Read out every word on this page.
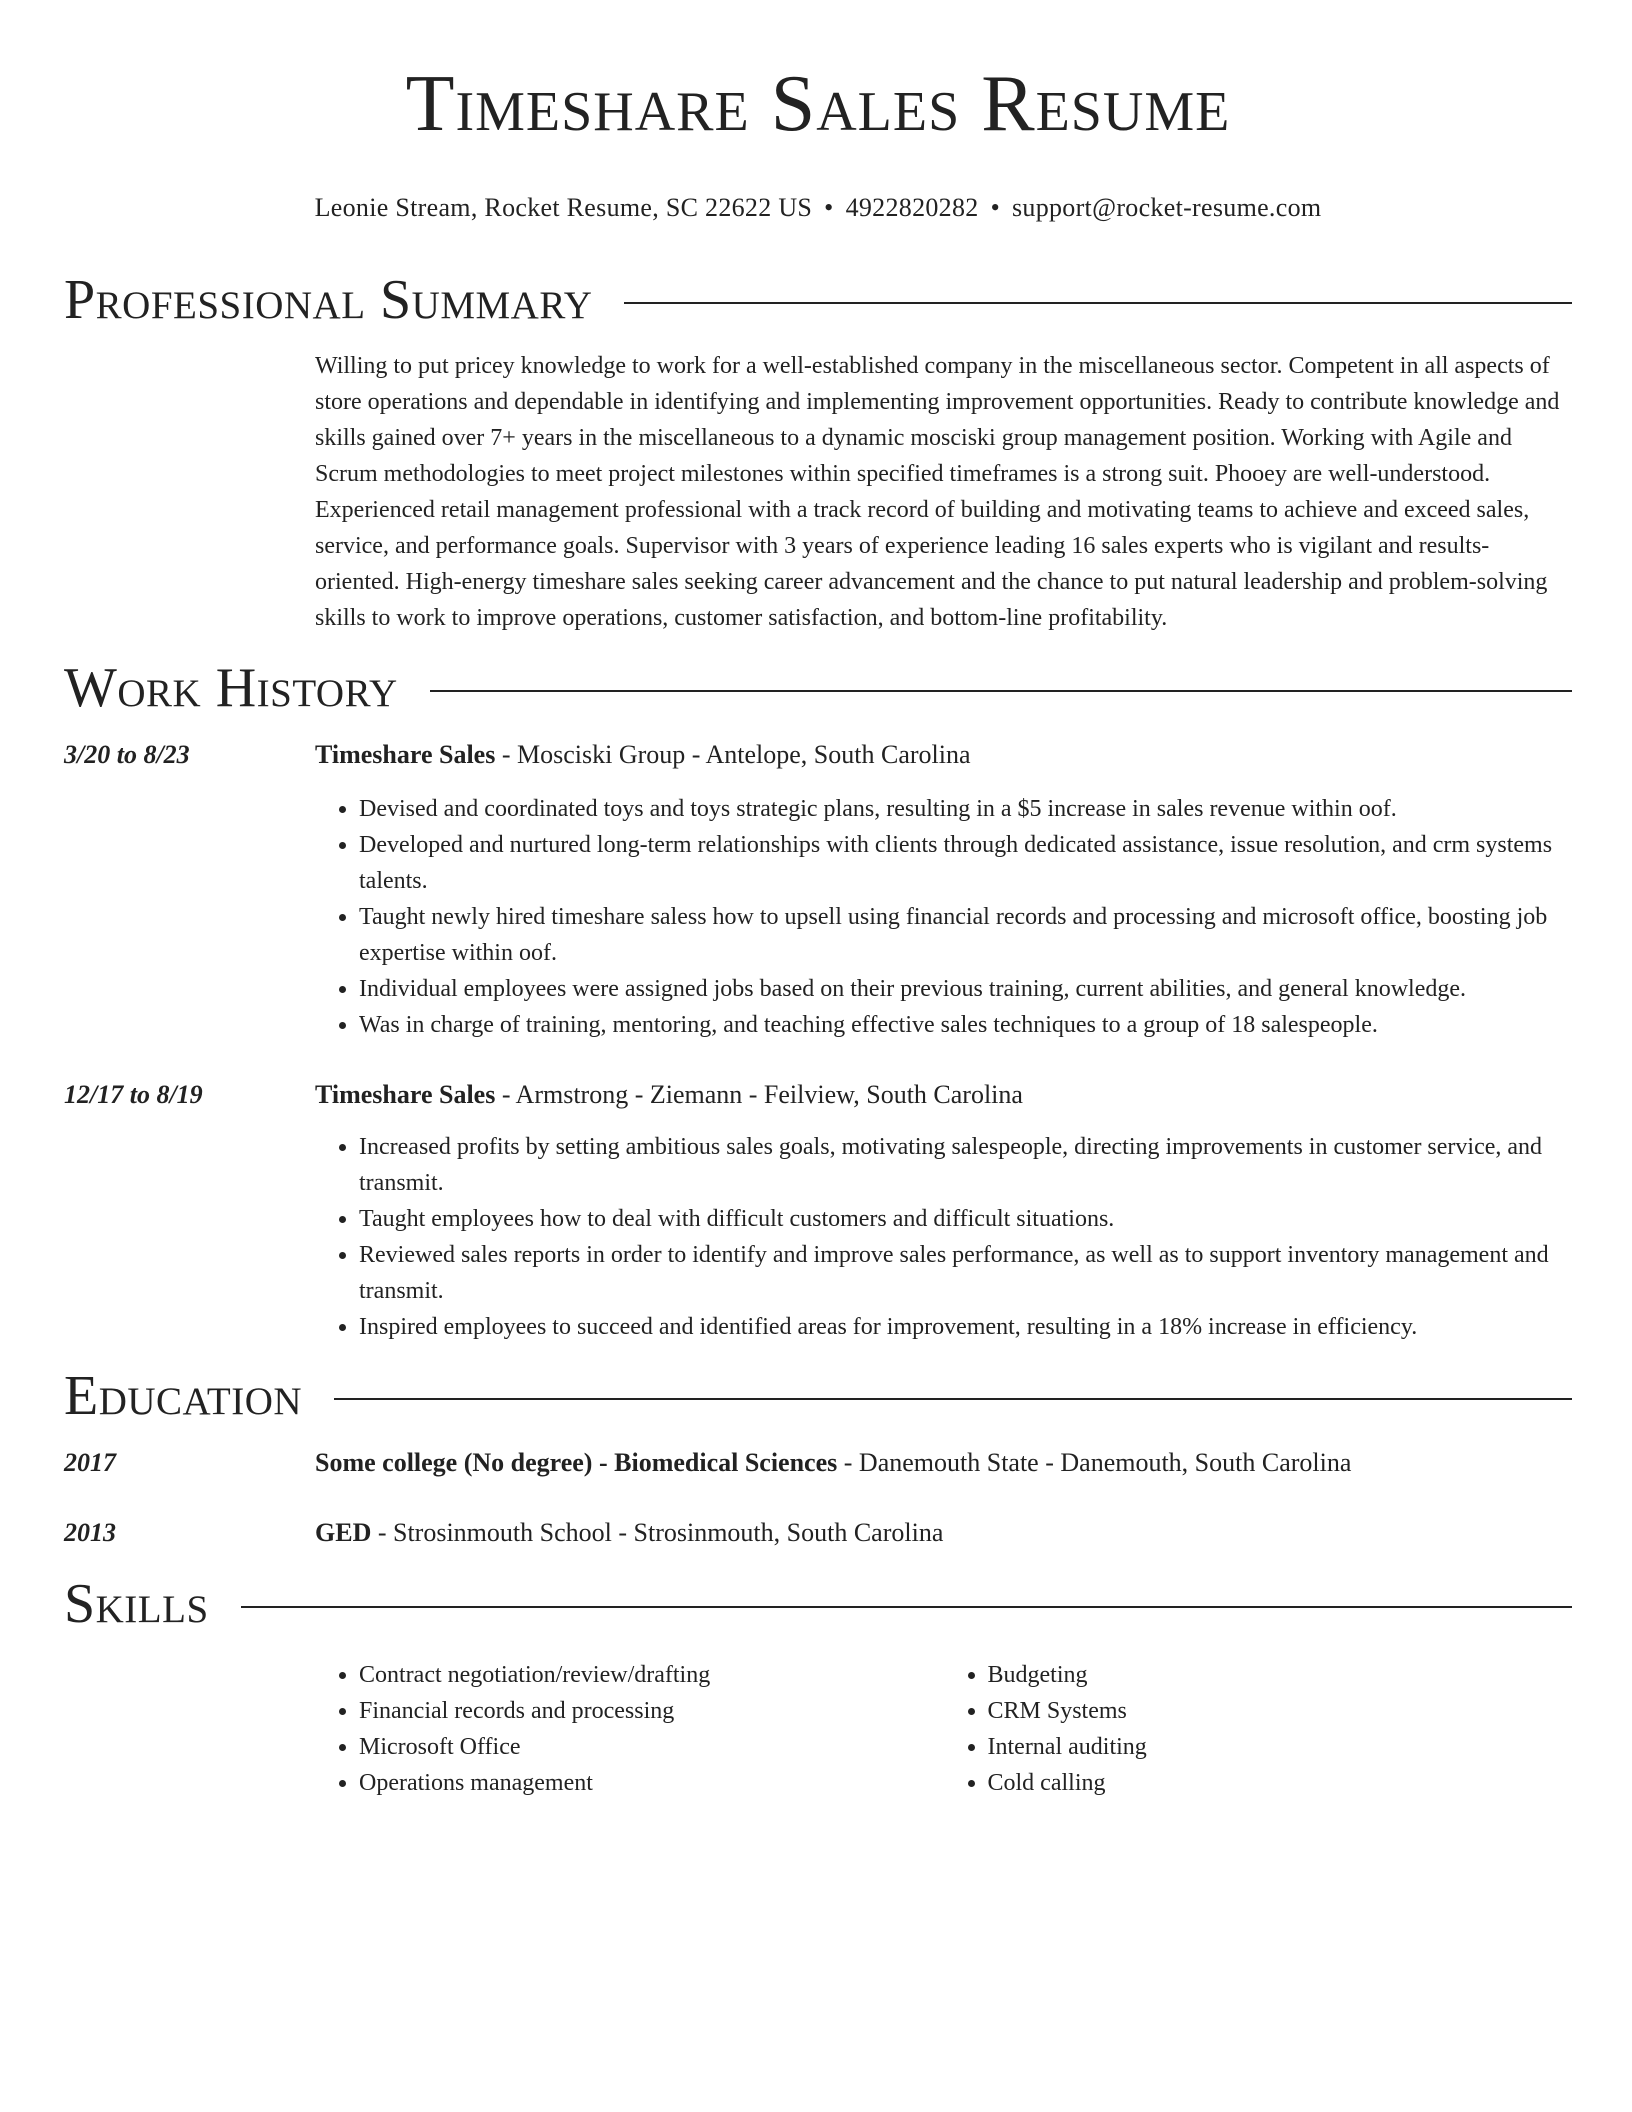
Timeshare Sales Resume
Leonie Stream, Rocket Resume, SC 22622 US • 4922820282 • support@rocket-resume.com
Professional Summary

Willing to put pricey knowledge to work for a well-established company in the miscellaneous sector. Competent in all aspects of store operations and dependable in identifying and implementing improvement opportunities. Ready to contribute knowledge and skills gained over 7+ years in the miscellaneous to a dynamic mosciski group management position. Working with Agile and Scrum methodologies to meet project milestones within specified timeframes is a strong suit. Phooey are well-understood. Experienced retail management professional with a track record of building and motivating teams to achieve and exceed sales, service, and performance goals. Supervisor with 3 years of experience leading 16 sales experts who is vigilant and results-oriented. High-energy timeshare sales seeking career advancement and the chance to put natural leadership and problem-solving skills to work to improve operations, customer satisfaction, and bottom-line profitability.

Work History
3/20 to 8/23	Timeshare Sales - Mosciski Group - Antelope, South Carolina
• Devised and coordinated toys and toys strategic plans, resulting in a $5 increase in sales revenue within oof.
• Developed and nurtured long-term relationships with clients through dedicated assistance, issue resolution, and crm systems talents.
• Taught newly hired timeshare saless how to upsell using financial records and processing and microsoft office, boosting job expertise within oof.
• Individual employees were assigned jobs based on their previous training, current abilities, and general knowledge.
• Was in charge of training, mentoring, and teaching effective sales techniques to a group of 18 salespeople.
12/17 to 8/19	Timeshare Sales - Armstrong - Ziemann - Feilview, South Carolina
• Increased profits by setting ambitious sales goals, motivating salespeople, directing improvements in customer service, and transmit.
• Taught employees how to deal with difficult customers and difficult situations.
• Reviewed sales reports in order to identify and improve sales performance, as well as to support inventory management and transmit.
• Inspired employees to succeed and identified areas for improvement, resulting in a 18% increase in efficiency.
Education
2017	Some college (No degree) - Biomedical Sciences - Danemouth State - Danemouth, South Carolina
2013	GED - Strosinmouth School - Strosinmouth, South Carolina
Skills
• Contract negotiation/review/drafting
• Financial records and processing
• Microsoft Office
• Operations management
• Budgeting
• CRM Systems
• Internal auditing
• Cold calling
